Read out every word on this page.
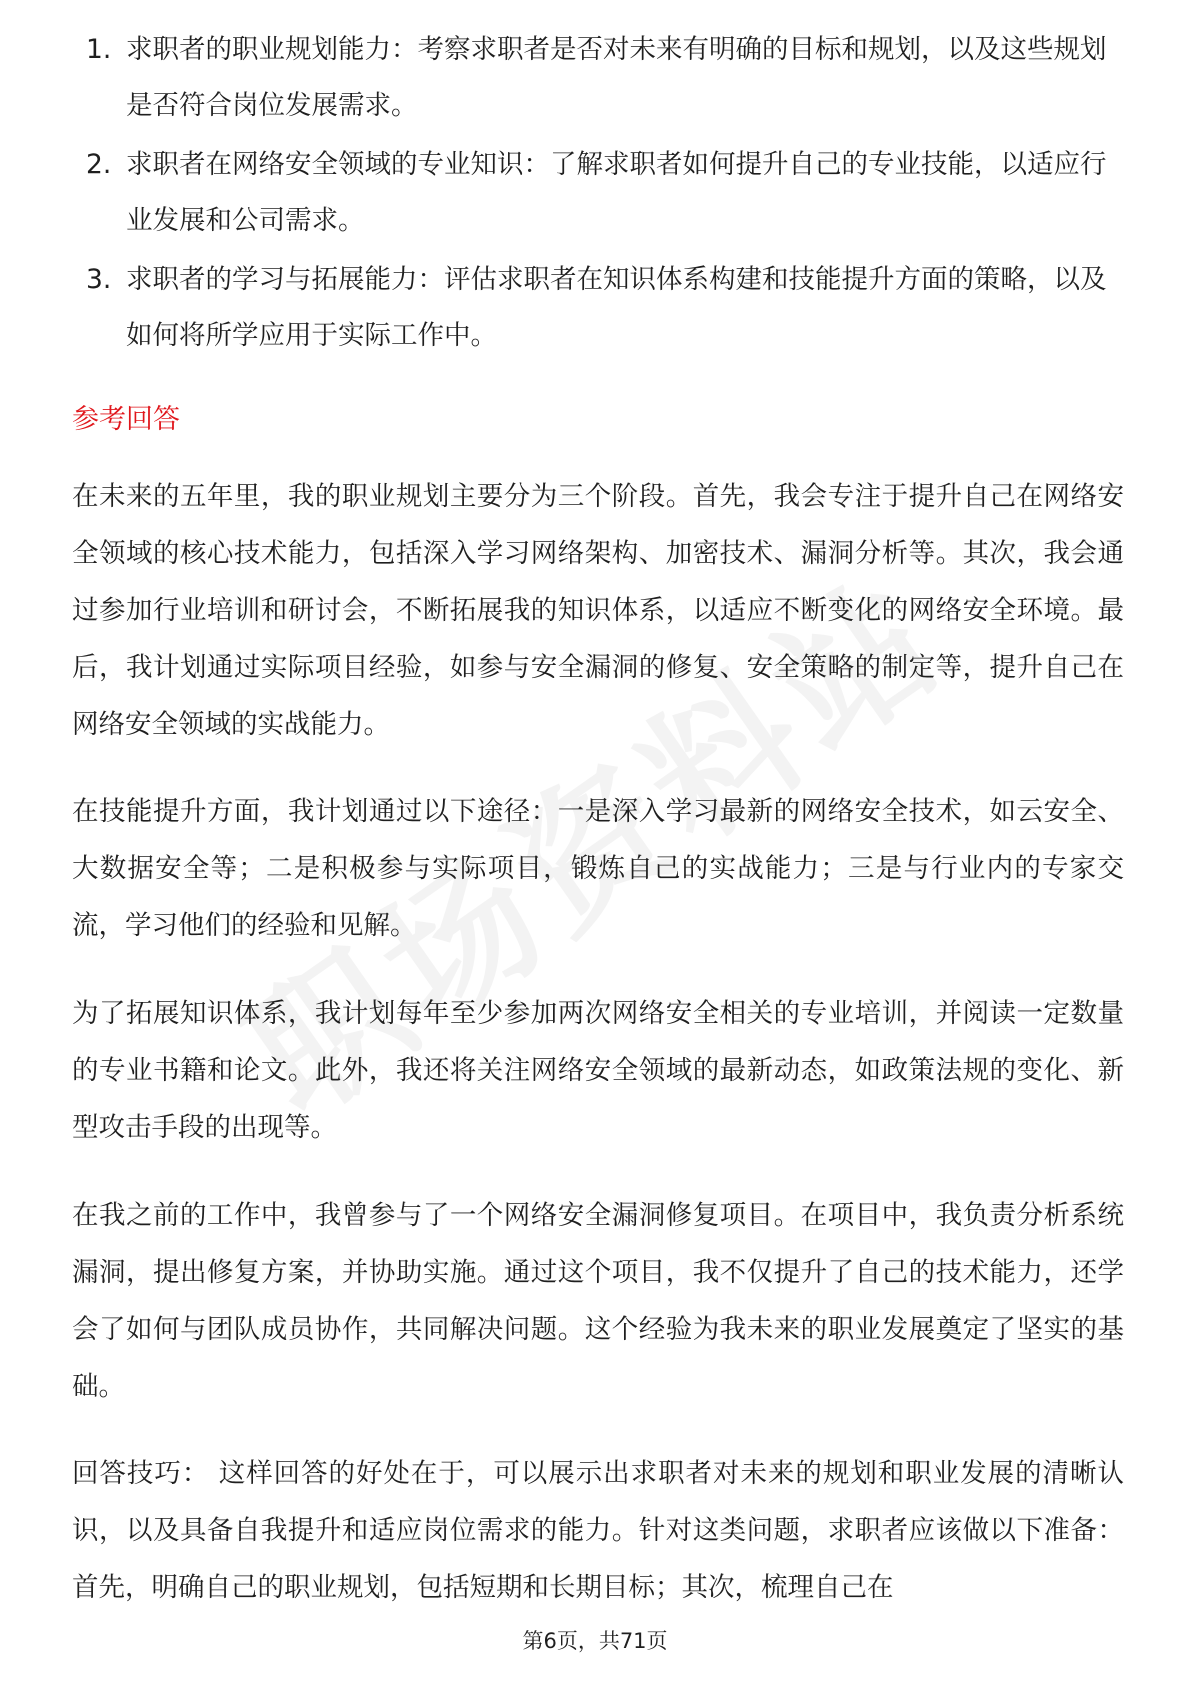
1. 求职者的职业规划能力：考察求职者是否对未来有明确的目标和规划，以及这些规划是否符合岗位发展需求。
2. 求职者在网络安全领域的专业知识：了解求职者如何提升自己的专业技能，以适应行业发展和公司需求。
3. 求职者的学习与拓展能力：评估求职者在知识体系构建和技能提升方面的策略，以及如何将所学应用于实际工作中。
参考回答

在未来的五年里，我的职业规划主要分为三个阶段。首先，我会专注于提升自己在网络安全领域的核心技术能力，包括深入学习网络架构、加密技术、漏洞分析等。其次，我会通过参加行业培训和研讨会，不断拓展我的知识体系，以适应不断变化的网络安全环境。最后，我计划通过实际项目经验，如参与安全漏洞的修复、安全策略的制定等，提升自己在网络安全领域的实战能力。

在技能提升方面，我计划通过以下途径：一是深入学习最新的网络安全技术，如云安全、大数据安全等；二是积极参与实际项目，锻炼自己的实战能力；三是与行业内的专家交流，学习他们的经验和见解。

为了拓展知识体系，我计划每年至少参加两次网络安全相关的专业培训，并阅读一定数量的专业书籍和论文。此外，我还将关注网络安全领域的最新动态，如政策法规的变化、新型攻击手段的出现等。

在我之前的工作中，我曾参与了一个网络安全漏洞修复项目。在项目中，我负责分析系统漏洞，提出修复方案，并协助实施。通过这个项目，我不仅提升了自己的技术能力，还学会了如何与团队成员协作，共同解决问题。这个经验为我未来的职业发展奠定了坚实的基础。

回答技巧： 这样回答的好处在于，可以展示出求职者对未来的规划和职业发展的清晰认识，以及具备自我提升和适应岗位需求的能力。针对这类问题，求职者应该做以下准备：首先，明确自己的职业规划，包括短期和长期目标；其次，梳理自己在

第6页，共71页
